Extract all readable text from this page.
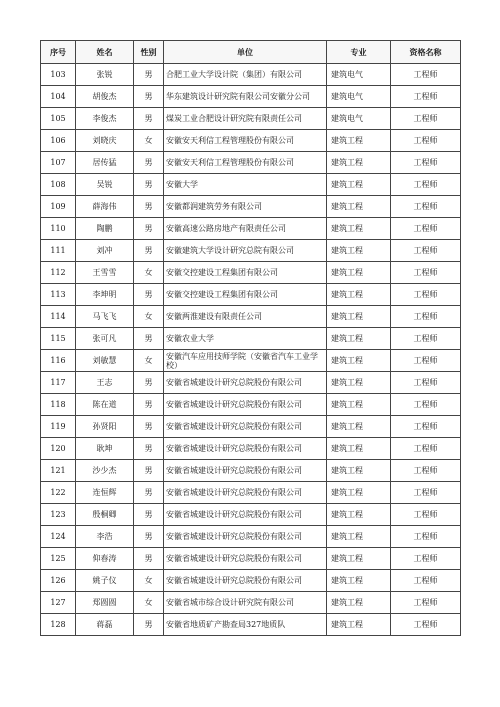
序号	姓名	性别	单位	专业	资格名称
103	张锐	男	合肥工业大学设计院（集团）有限公司	建筑电气	工程师
104	胡俊杰	男	华东建筑设计研究院有限公司安徽分公司	建筑电气	工程师
105	李俊杰	男	煤炭工业合肥设计研究院有限责任公司	建筑电气	工程师
106	刘晓庆	女	安徽安天利信工程管理股份有限公司	建筑工程	工程师
107	居传猛	男	安徽安天利信工程管理股份有限公司	建筑工程	工程师
108	吴锐	男	安徽大学	建筑工程	工程师
109	薛海伟	男	安徽都润建筑劳务有限公司	建筑工程	工程师
110	陶鹏	男	安徽高速公路房地产有限责任公司	建筑工程	工程师
111	刘冲	男	安徽建筑大学设计研究总院有限公司	建筑工程	工程师
112	王雪雪	女	安徽交控建设工程集团有限公司	建筑工程	工程师
113	李坤明	男	安徽交控建设工程集团有限公司	建筑工程	工程师
114	马飞飞	女	安徽两淮建设有限责任公司	建筑工程	工程师
115	张可凡	男	安徽农业大学	建筑工程	工程师
116	刘敏慧	女	安徽汽车应用技师学院（安徽省汽车工业学校）	建筑工程	工程师
117	王志	男	安徽省城建设计研究总院股份有限公司	建筑工程	工程师
118	陈在道	男	安徽省城建设计研究总院股份有限公司	建筑工程	工程师
119	孙贤阳	男	安徽省城建设计研究总院股份有限公司	建筑工程	工程师
120	耿坤	男	安徽省城建设计研究总院股份有限公司	建筑工程	工程师
121	沙少杰	男	安徽省城建设计研究总院股份有限公司	建筑工程	工程师
122	连恒辉	男	安徽省城建设计研究总院股份有限公司	建筑工程	工程师
123	殷桐卿	男	安徽省城建设计研究总院股份有限公司	建筑工程	工程师
124	李浩	男	安徽省城建设计研究总院股份有限公司	建筑工程	工程师
125	仰春涛	男	安徽省城建设计研究总院股份有限公司	建筑工程	工程师
126	姚子仪	女	安徽省城建设计研究总院股份有限公司	建筑工程	工程师
127	郑圆圆	女	安徽省城市综合设计研究院有限公司	建筑工程	工程师
128	蒋磊	男	安徽省地质矿产勘查局327地质队	建筑工程	工程师
